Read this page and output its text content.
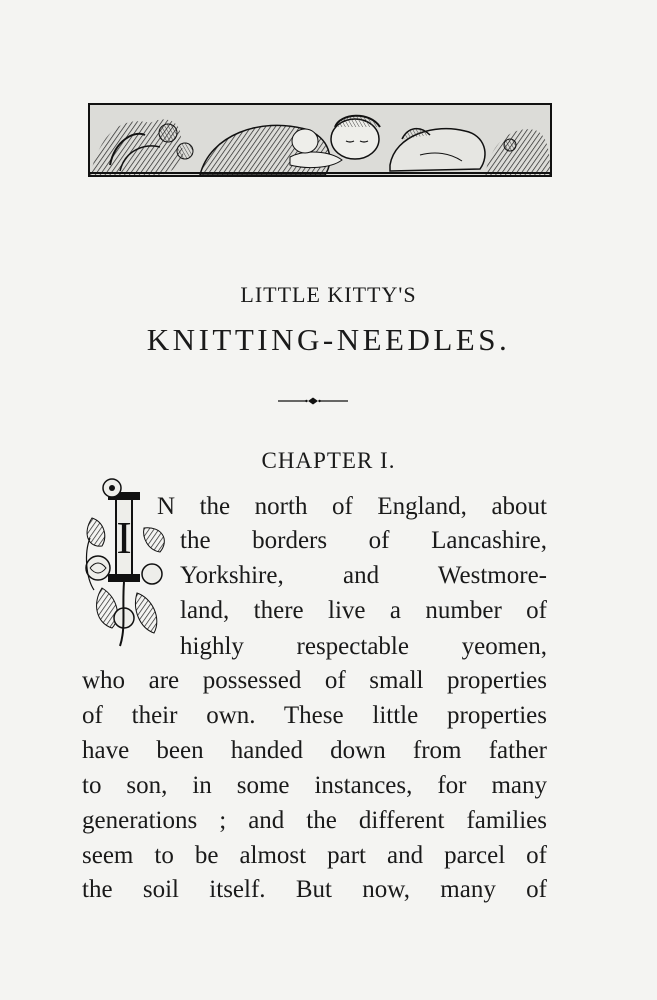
LITTLE KITTY'S
KNITTING-NEEDLES.
CHAPTER I.
I
N the north of England, about
the borders of Lancashire,
Yorkshire, and Westmore-
land, there live a number of
highly respectable yeomen,
who are possessed of small properties
of their own. These little properties
have been handed down from father
to son, in some instances, for many
generations ; and the different families
seem to be almost part and parcel of
the soil itself. But now, many of
